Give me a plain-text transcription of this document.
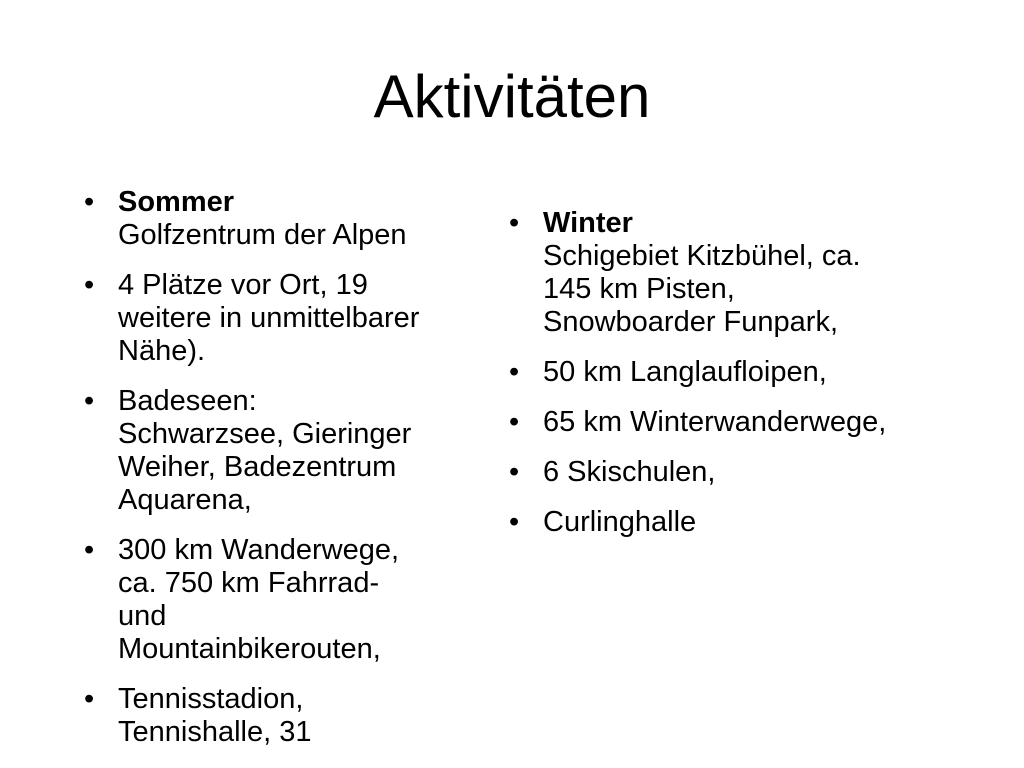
Aktivitäten
• Sommer
Golfzentrum der Alpen
• 4 Plätze vor Ort, 19
weitere in unmittelbarer
Nähe).
• Badeseen:
Schwarzsee, Gieringer
Weiher, Badezentrum
Aquarena,
• 300 km Wanderwege,
ca. 750 km Fahrrad-
und
Mountainbikerouten,
• Tennisstadion,
Tennishalle, 31
• Winter
Schigebiet Kitzbühel, ca.
145 km Pisten,
Snowboarder Funpark,
• 50 km Langlaufloipen,
• 65 km Winterwanderwege,
• 6 Skischulen,
• Curlinghalle
